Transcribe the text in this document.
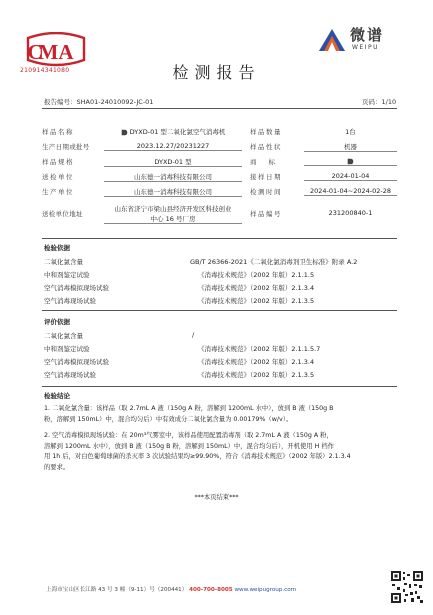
MA
C
210914341080
微谱
WEIPU
检测报告
报告编号：SHA01-24010092-JC-01	页码：1/10
样品名称	DYXD-01 型二氧化氯空气消毒机	样品数量	1台
生产日期或批号	2023.12.27/20231227	样品性状	机器
样品规格	DYXD-01 型	商标
送检单位	山东德一消毒科技有限公司	接样日期	2024-01-04
生产单位	山东德一消毒科技有限公司	检测时间	2024-01-04~2024-02-28
送检单位地址
山东省济宁市梁山县经济开发区科技创业
中心 16 号厂房
样品编号	231200840-1
检验依据
二氧化氯含量	GB/T 26366-2021《二氧化氯消毒剂卫生标准》附录 A.2
中和剂鉴定试验	《消毒技术规范》（2002 年版）2.1.1.5
空气消毒模拟现场试验	《消毒技术规范》（2002 年版）2.1.3.4
空气消毒现场试验	《消毒技术规范》（2002 年版）2.1.3.5
评价依据
二氧化氯含量	/
中和剂鉴定试验	《消毒技术规范》（2002 年版）2.1.1.5.7
空气消毒模拟现场试验	《消毒技术规范》（2002 年版）2.1.3.4
空气消毒现场试验	《消毒技术规范》（2002 年版）2.1.3.5
检验结论
1. 二氧化氯含量：该样品（取 2.7mL A 液（150g A 粉，溶解到 1200mL 水中），放到 B 液（150g B
粉，溶解到 150mL）中，混合均匀后）中有效成分二氧化氯含量为 0.00179%（w/v）。
2. 空气消毒模拟现场试验：在 20m³气雾室中，该样品使用配置消毒剂（取 2.7mL A 液（150g A 粉，
溶解到 1200mL 水中），放到 B 液（150g B 粉，溶解到 150mL）中，混合均匀后），开机使用 H 档作
用 1h 后，对白色葡萄球菌的杀灭率 3 次试验结果均≥99.90%，符合《消毒技术规范》（2002 年版）2.1.3.4
的要求。
***本页结束***
上海市宝山区长江路 43 号 3 幢（9-11）号（200441） 400-700-8005 www.weipugroup.com
